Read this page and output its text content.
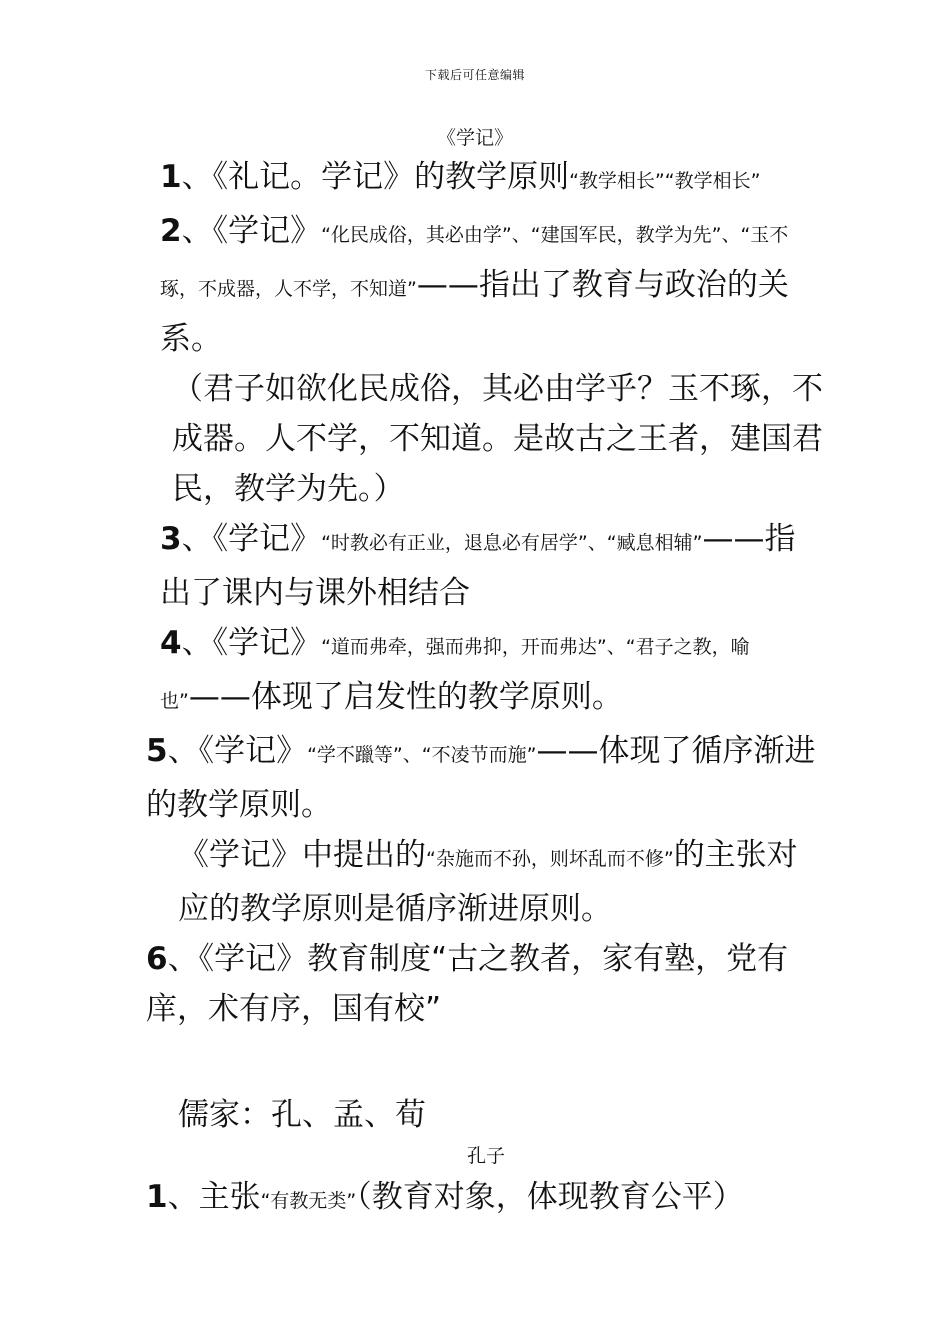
下载后可任意编辑
《学记》

1、《礼记。学记》的教学原则“教学相长”“教学相长”

2、《学记》“化民成俗，其必由学”、“建国军民，教学为先”、“玉不琢，不成器，人不学，不知道”——指出了教育与政治的关系。

（君子如欲化民成俗，其必由学乎？玉不琢，不成器。人不学，不知道。是故古之王者，建国君民，教学为先。）

3、《学记》“时教必有正业，退息必有居学”、“臧息相辅”——指出了课内与课外相结合

4、《学记》“道而弗牵，强而弗抑，开而弗达”、“君子之教，喻也”——体现了启发性的教学原则。

5、《学记》“学不躐等”、“不凌节而施”——体现了循序渐进的教学原则。

《学记》中提出的“杂施而不孙，则坏乱而不修”的主张对应的教学原则是循序渐进原则。

6、《学记》教育制度“古之教者，家有塾，党有庠，术有序，国有校”

儒家：孔、孟、荀

孔子

1、主张“有教无类”（教育对象，体现教育公平）
